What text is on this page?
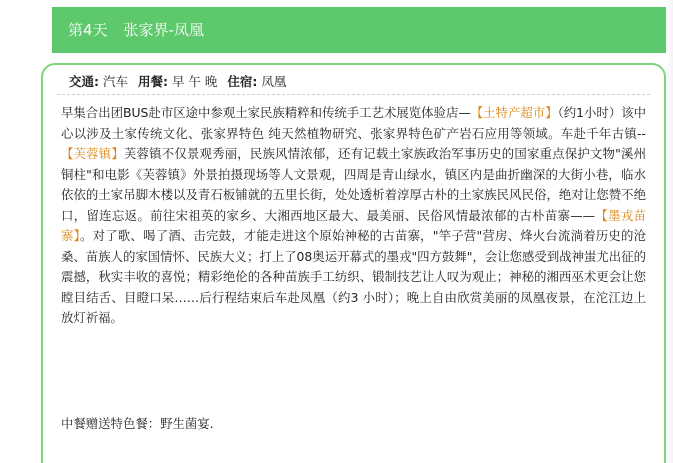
第4天 张家界-凤凰
交通: 汽车 用餐: 早 午 晚 住宿: 凤凰
早集合出团BUS赴市区途中参观土家民族精粹和传统手工艺术展览体验店—【土特产超市】（约1小时）该中心以涉及土家传统文化、张家界特色 纯天然植物研究、张家界特色矿产岩石应用等领域。车赴千年古镇--【芙蓉镇】芙蓉镇不仅景观秀丽，民族风情浓郁，还有记载土家族政治军事历史的国家重点保护文物"溪州铜柱"和电影《芙蓉镇》外景拍摄现场等人文景观，四周是青山绿水，镇区内是曲折幽深的大街小巷，临水依依的土家吊脚木楼以及青石板铺就的五里长街，处处透析着淳厚古朴的土家族民风民俗，绝对让您赞不绝口，留连忘返。前往宋祖英的家乡、大湘西地区最大、最美丽、民俗风情最浓郁的古朴苗寨——【墨戎苗寨】。对了歌、喝了酒、击完鼓，才能走进这个原始神秘的古苗寨，"竿子营"营房、烽火台流淌着历史的沧桑、苗族人的家国情怀、民族大义；打上了08奥运开幕式的墨戎"四方鼓舞"，会让您感受到战神蚩尤出征的震撼，秋实丰收的喜悦；精彩绝伦的各种苗族手工纺织、锻制技艺让人叹为观止；神秘的湘西巫术更会让您瞠目结舌、目瞪口呆……后行程结束后车赴凤凰（约3 小时）；晚上自由欣赏美丽的凤凰夜景，在沱江边上放灯祈福。
中餐赠送特色餐：野生菌宴.
